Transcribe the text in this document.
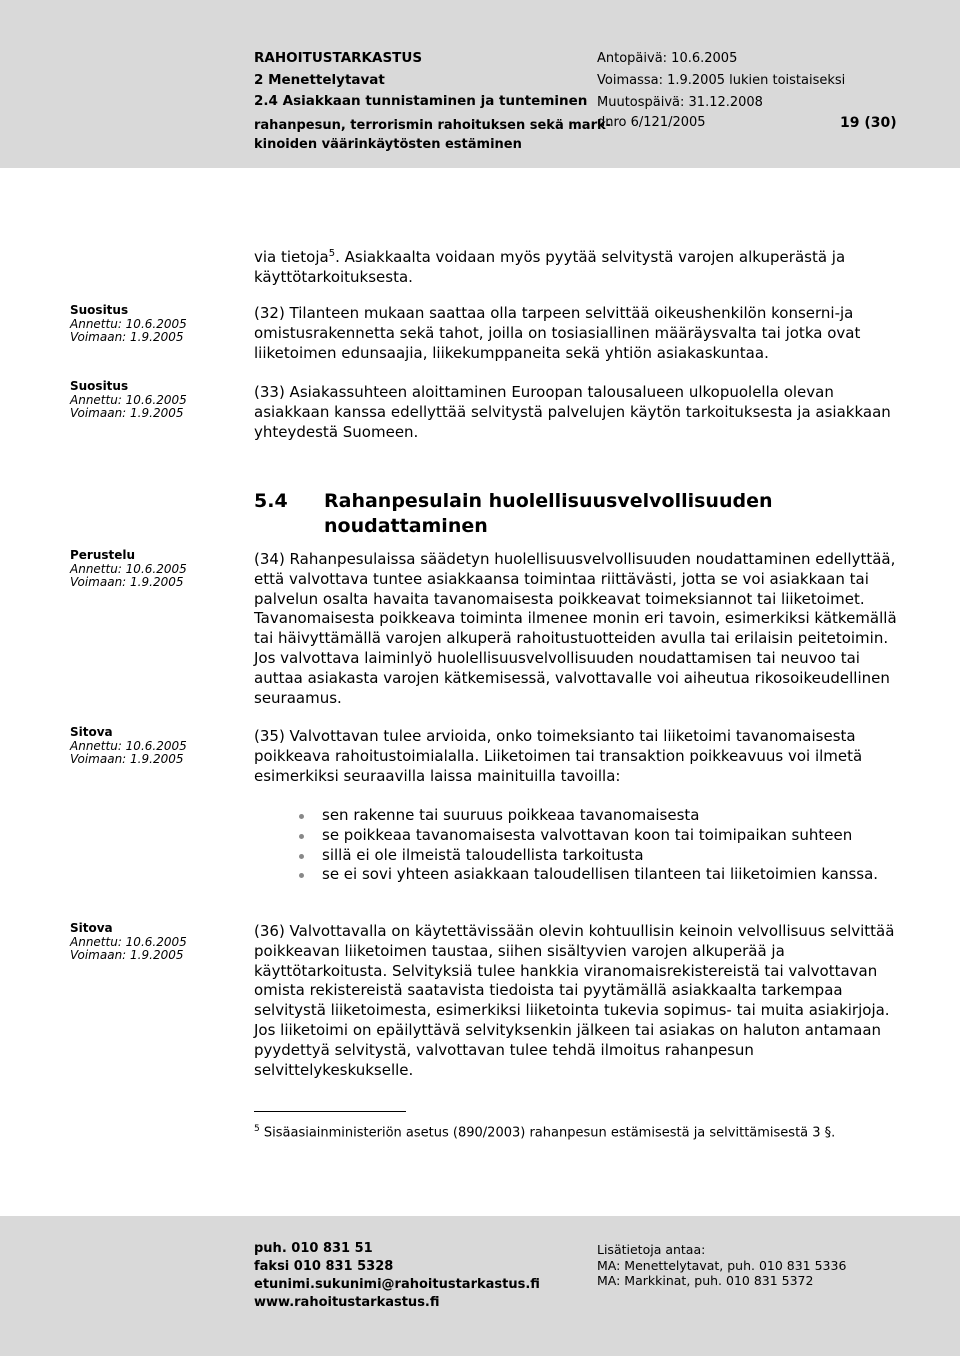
RAHOITUSTARKASTUS
2 Menettelytavat
2.4 Asiakkaan tunnistaminen ja tunteminen
rahanpesun, terrorismin rahoituksen sekä mark-
kinoiden väärinkäytösten estäminen
Antopäivä: 10.6.2005
Voimassa: 1.9.2005 lukien toistaiseksi
Muutospäivä: 31.12.2008
dnro 6/121/2005	19 (30)
Suositus
Annettu: 10.6.2005
Voimaan: 1.9.2005
Suositus
Annettu: 10.6.2005
Voimaan: 1.9.2005
Perustelu
Annettu: 10.6.2005
Voimaan: 1.9.2005
Sitova
Annettu: 10.6.2005
Voimaan: 1.9.2005
Sitova
Annettu: 10.6.2005
Voimaan: 1.9.2005

via tietoja$^5$. Asiakkaalta voidaan myös pyytää selvitystä varojen alkuperästä ja käyttötarkoituksesta.

(32) Tilanteen mukaan saattaa olla tarpeen selvittää oikeushenkilön konserni-ja omistusrakennetta sekä tahot, joilla on tosiasiallinen määräysvalta tai jotka ovat liiketoimen edunsaajia, liikekumppaneita sekä yhtiön asiakaskuntaa.

(33) Asiakassuhteen aloittaminen Euroopan talousalueen ulkopuolella olevan asiakkaan kanssa edellyttää selvitystä palvelujen käytön tarkoituksesta ja asiakkaan yhteydestä Suomeen.

5.4 Rahanpesulain huolellisuusvelvollisuuden noudattaminen

(34) Rahanpesulaissa säädetyn huolellisuusvelvollisuuden noudattaminen edellyttää, että valvottava tuntee asiakkaansa toimintaa riittävästi, jotta se voi asiakkaan tai palvelun osalta havaita tavanomaisesta poikkeavat toimeksiannot tai liiketoimet. Tavanomaisesta poikkeava toiminta ilmenee monin eri tavoin, esimerkiksi kätkemällä tai häivyttämällä varojen alkuperä rahoitustuotteiden avulla tai erilaisin peitetoimin. Jos valvottava laiminlyö huolellisuusvelvollisuuden noudattamisen tai neuvoo tai auttaa asiakasta varojen kätkemisessä, valvottavalle voi aiheutua rikosoikeudellinen seuraamus.

(35) Valvottavan tulee arvioida, onko toimeksianto tai liiketoimi tavanomaisesta poikkeava rahoitustoimialalla. Liiketoimen tai transaktion poikkeavuus voi ilmetä esimerkiksi seuraavilla laissa mainituilla tavoilla:

sen rakenne tai suuruus poikkeaa tavanomaisesta
se poikkeaa tavanomaisesta valvottavan koon tai toimipaikan suhteen
sillä ei ole ilmeistä taloudellista tarkoitusta
se ei sovi yhteen asiakkaan taloudellisen tilanteen tai liiketoimien kanssa.

(36) Valvottavalla on käytettävissään olevin kohtuullisin keinoin velvollisuus selvittää poikkeavan liiketoimen taustaa, siihen sisältyvien varojen alkuperää ja käyttötarkoitusta. Selvityksiä tulee hankkia viranomaisrekistereistä tai valvottavan omista rekistereistä saatavista tiedoista tai pyytämällä asiakkaalta tarkempaa selvitystä liiketoimesta, esimerkiksi liiketointa tukevia sopimus- tai muita asiakirjoja. Jos liiketoimi on epäilyttävä selvityksenkin jälkeen tai asiakas on haluton antamaan pyydettyä selvitystä, valvottavan tulee tehdä ilmoitus rahanpesun selvittelykeskukselle.

$^5$ Sisäasiainministeriön asetus (890/2003) rahanpesun estämisestä ja selvittämisestä 3 §.
puh. 010 831 51
faksi 010 831 5328
etunimi.sukunimi@rahoitustarkastus.fi
www.rahoitustarkastus.fi
Lisätietoja antaa:
MA: Menettelytavat, puh. 010 831 5336
MA: Markkinat, puh. 010 831 5372
